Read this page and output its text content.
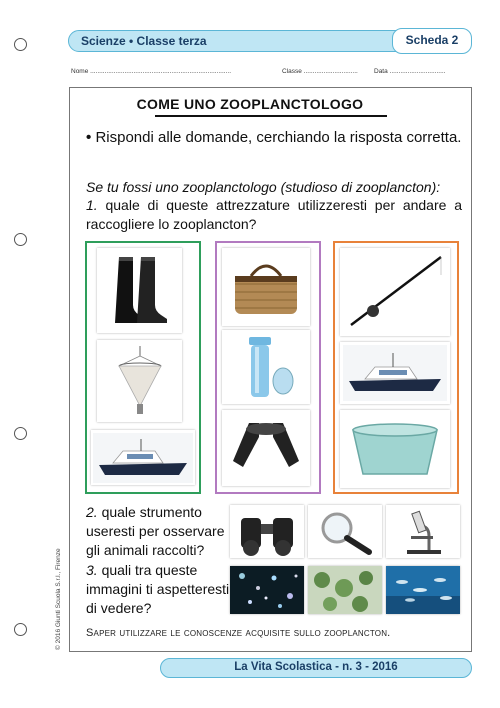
Scienze • Classe terza	Scheda 2
Nome ..............................................................................	Classe .............................. Data ...............................
COME UNO ZOOPLANCTOLOGO
• Rispondi alle domande, cerchiando la risposta corretta.
Se tu fossi uno zooplanctologo (studioso di zooplancton):
1. quale di queste attrezzature utilizzeresti per andare a raccogliere lo zooplancton?
2. quale strumento useresti per osservare gli animali raccolti?
3. quali tra queste immagini ti aspetteresti di vedere?
Saper utilizzare le conoscenze acquisite sullo zooplancton.
© 2016 Giunti Scuola S.r.l., Firenze
La Vita Scolastica - n. 3 - 2016
